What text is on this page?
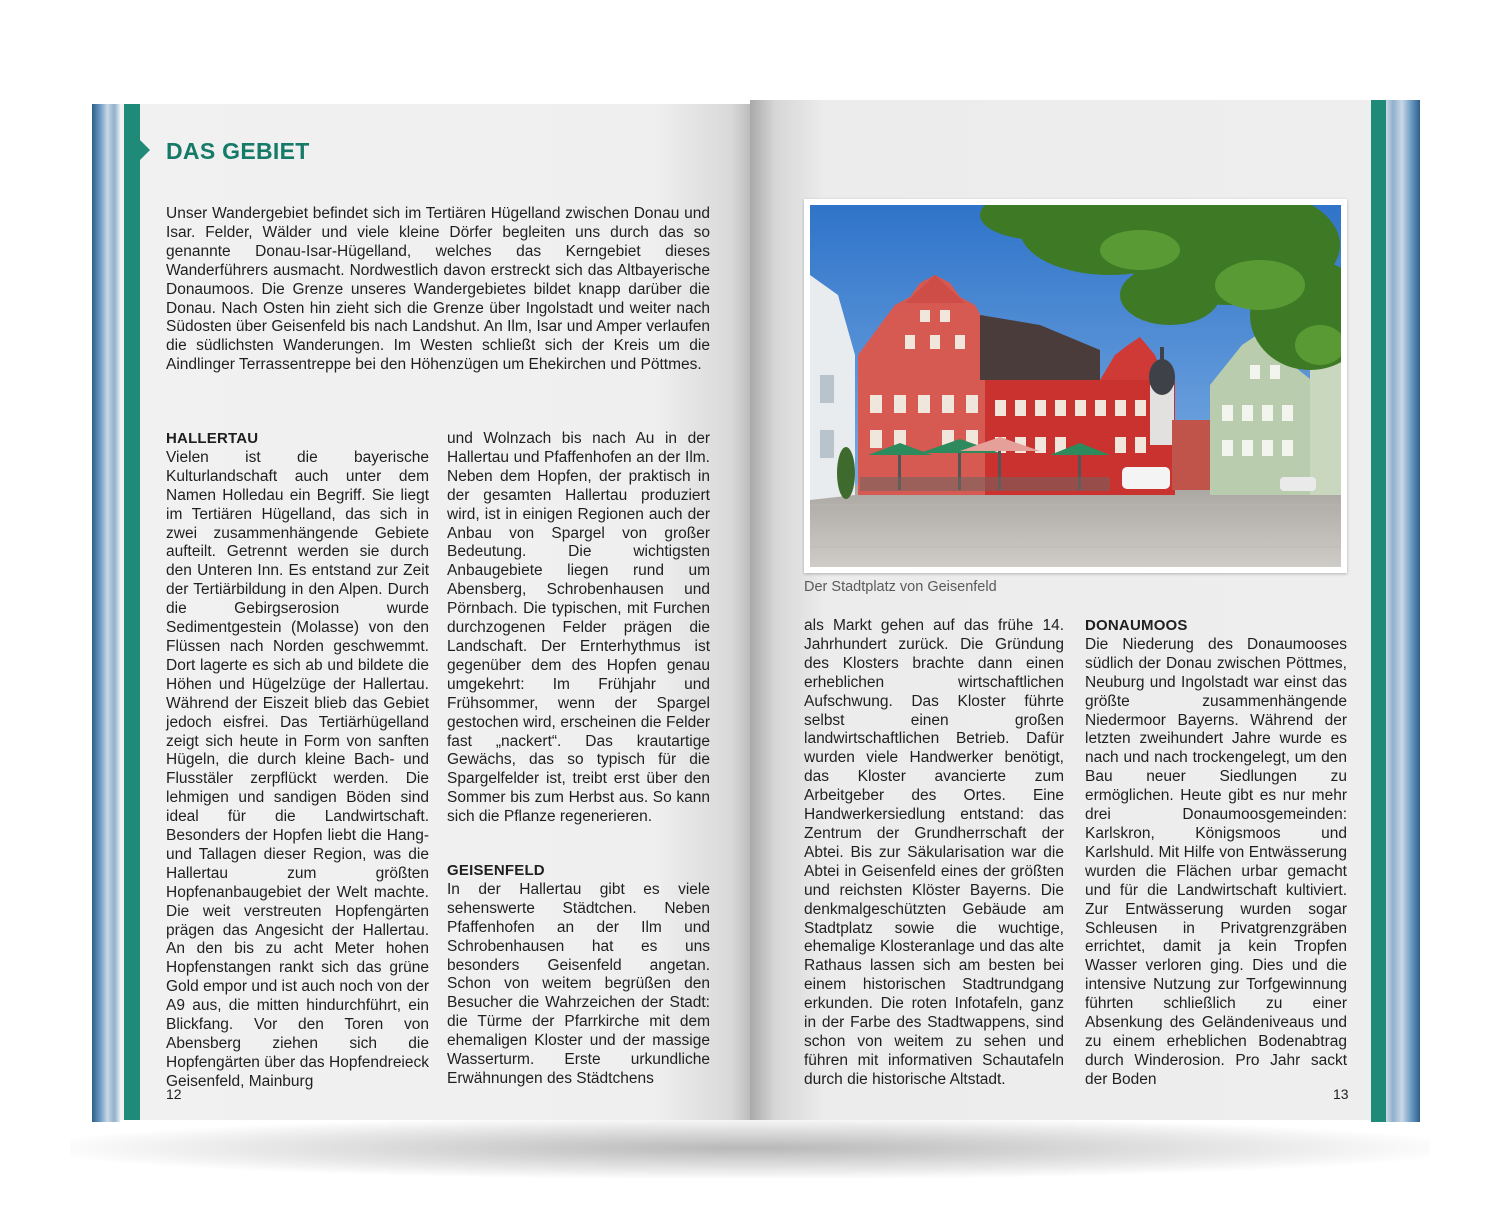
DAS GEBIET
Unser Wandergebiet befindet sich im Tertiären Hügelland zwischen Donau und Isar. Felder, Wälder und viele kleine Dörfer begleiten uns durch das so genannte Donau-Isar-Hügelland, welches das Kerngebiet dieses Wanderführers ausmacht. Nordwestlich davon erstreckt sich das Altbayerische Donaumoos. Die Grenze unseres Wandergebietes bildet knapp darüber die Donau. Nach Osten hin zieht sich die Grenze über Ingolstadt und weiter nach Südosten über Geisenfeld bis nach Landshut. An Ilm, Isar und Amper verlaufen die südlichsten Wanderungen. Im Westen schließt sich der Kreis um die Aindlinger Terrassentreppe bei den Höhenzügen um Ehekirchen und Pöttmes.

HALLERTAU

Vielen ist die bayerische Kulturlandschaft auch unter dem Namen Holledau ein Begriff. Sie liegt im Tertiären Hügelland, das sich in zwei zusammenhängende Gebiete aufteilt. Getrennt werden sie durch den Unteren Inn. Es entstand zur Zeit der Tertiärbildung in den Alpen. Durch die Gebirgserosion wurde Sedimentgestein (Molasse) von den Flüssen nach Norden geschwemmt. Dort lagerte es sich ab und bildete die Höhen und Hügelzüge der Hallertau. Während der Eiszeit blieb das Gebiet jedoch eisfrei. Das Tertiärhügelland zeigt sich heute in Form von sanften Hügeln, die durch kleine Bach- und Flusstäler zerpflückt werden. Die lehmigen und sandigen Böden sind ideal für die Landwirtschaft. Besonders der Hopfen liebt die Hang- und Tallagen dieser Region, was die Hallertau zum größten Hopfenanbaugebiet der Welt machte. Die weit verstreuten Hopfengärten prägen das Angesicht der Hallertau. An den bis zu acht Meter hohen Hopfenstangen rankt sich das grüne Gold empor und ist auch noch von der A9 aus, die mitten hindurchführt, ein Blickfang. Vor den Toren von Abensberg ziehen sich die Hopfengärten über das Hopfendreieck Geisenfeld, Mainburg

und Wolnzach bis nach Au in der Hallertau und Pfaffenhofen an der Ilm. Neben dem Hopfen, der praktisch in der gesamten Hallertau produziert wird, ist in einigen Regionen auch der Anbau von Spargel von großer Bedeutung. Die wichtigsten Anbaugebiete liegen rund um Abensberg, Schrobenhausen und Pörnbach. Die typischen, mit Furchen durchzogenen Felder prägen die Landschaft. Der Ernterhythmus ist gegenüber dem des Hopfen genau umgekehrt: Im Frühjahr und Frühsommer, wenn der Spargel gestochen wird, erscheinen die Felder fast „nackert“. Das krautartige Gewächs, das so typisch für die Spargelfelder ist, treibt erst über den Sommer bis zum Herbst aus. So kann sich die Pflanze regenerieren.

GEISENFELD

In der Hallertau gibt es viele sehenswerte Städtchen. Neben Pfaffenhofen an der Ilm und Schrobenhausen hat es uns besonders Geisenfeld angetan. Schon von weitem begrüßen den Besucher die Wahrzeichen der Stadt: die Türme der Pfarrkirche mit dem ehemaligen Kloster und der massige Wasserturm. Erste urkundliche Erwähnungen des Städtchens

12
Der Stadtplatz von Geisenfeld

als Markt gehen auf das frühe 14. Jahrhundert zurück. Die Gründung des Klosters brachte dann einen erheblichen wirtschaftlichen Aufschwung. Das Kloster führte selbst einen großen landwirtschaftlichen Betrieb. Dafür wurden viele Handwerker benötigt, das Kloster avancierte zum Arbeitgeber des Ortes. Eine Handwerkersiedlung entstand: das Zentrum der Grundherrschaft der Abtei. Bis zur Säkularisation war die Abtei in Geisenfeld eines der größten und reichsten Klöster Bayerns. Die denkmalgeschützten Gebäude am Stadtplatz sowie die wuchtige, ehemalige Klosteranlage und das alte Rathaus lassen sich am besten bei einem historischen Stadtrundgang erkunden. Die roten Infotafeln, ganz in der Farbe des Stadtwappens, sind schon von weitem zu sehen und führen mit informativen Schautafeln durch die historische Altstadt.

DONAUMOOS

Die Niederung des Donaumooses südlich der Donau zwischen Pöttmes, Neuburg und Ingolstadt war einst das größte zusammenhängende Niedermoor Bayerns. Während der letzten zweihundert Jahre wurde es nach und nach trockengelegt, um den Bau neuer Siedlungen zu ermöglichen. Heute gibt es nur mehr drei Donaumoosgemeinden: Karlskron, Königsmoos und Karlshuld. Mit Hilfe von Entwässerung wurden die Flächen urbar gemacht und für die Landwirtschaft kultiviert. Zur Entwässerung wurden sogar Schleusen in Privatgrenzgräben errichtet, damit ja kein Tropfen Wasser verloren ging. Dies und die intensive Nutzung zur Torfgewinnung führten schließlich zu einer Absenkung des Geländeniveaus und zu einem erheblichen Bodenabtrag durch Winderosion. Pro Jahr sackt der Boden

13
